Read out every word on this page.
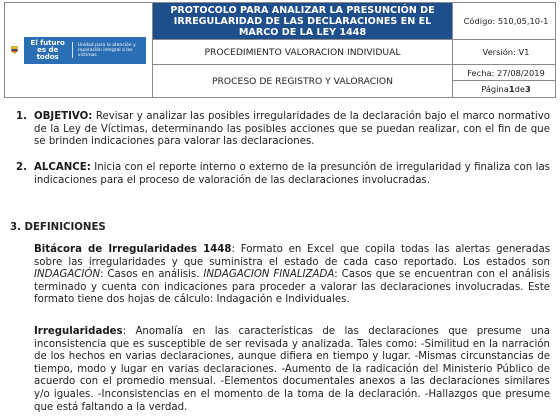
El futuro es de todos
Unidad para la atención y reparación integral a las víctimas
PROTOCOLO PARA ANALIZAR LA PRESUNCIÓN DE IRREGULARIDAD DE LAS DECLARACIONES EN EL MARCO DE LA LEY 1448
PROCEDIMIENTO VALORACION INDIVIDUAL
PROCESO DE REGISTRO Y VALORACION
Código: 510,05,10-1
Versión: V1
Fecha: 27/08/2019
Página 1 de 3
1. OBJETIVO: Revisar y analizar las posibles irregularidades de la declaración bajo el marco normativo de la Ley de Víctimas, determinando las posibles acciones que se puedan realizar, con el fin de que se brinden indicaciones para valorar las declaraciones.
2. ALCANCE: Inicia con el reporte interno o externo de la presunción de irregularidad y finaliza con las indicaciones para el proceso de valoración de las declaraciones involucradas.
3. DEFINICIONES
Bitácora de Irregularidades 1448: Formato en Excel que copila todas las alertas generadas sobre las irregularidades y que suministra el estado de cada caso reportado. Los estados son INDAGACIÓN: Casos en análisis. INDAGACION FINALIZADA: Casos que se encuentran con el análisis terminado y cuenta con indicaciones para proceder a valorar las declaraciones involucradas. Este formato tiene dos hojas de cálculo: Indagación e Individuales.
Irregularidades: Anomalía en las características de las declaraciones que presume una inconsistencia que es susceptible de ser revisada y analizada. Tales como: -Similitud en la narración de los hechos en varias declaraciones, aunque difiera en tiempo y lugar. -Mismas circunstancias de tiempo, modo y lugar en varias declaraciones. -Aumento de la radicación del Ministerio Público de acuerdo con el promedio mensual. -Elementos documentales anexos a las declaraciones similares y/o iguales. -Inconsistencias en el momento de la toma de la declaración. -Hallazgos que presume que está faltando a la verdad.
